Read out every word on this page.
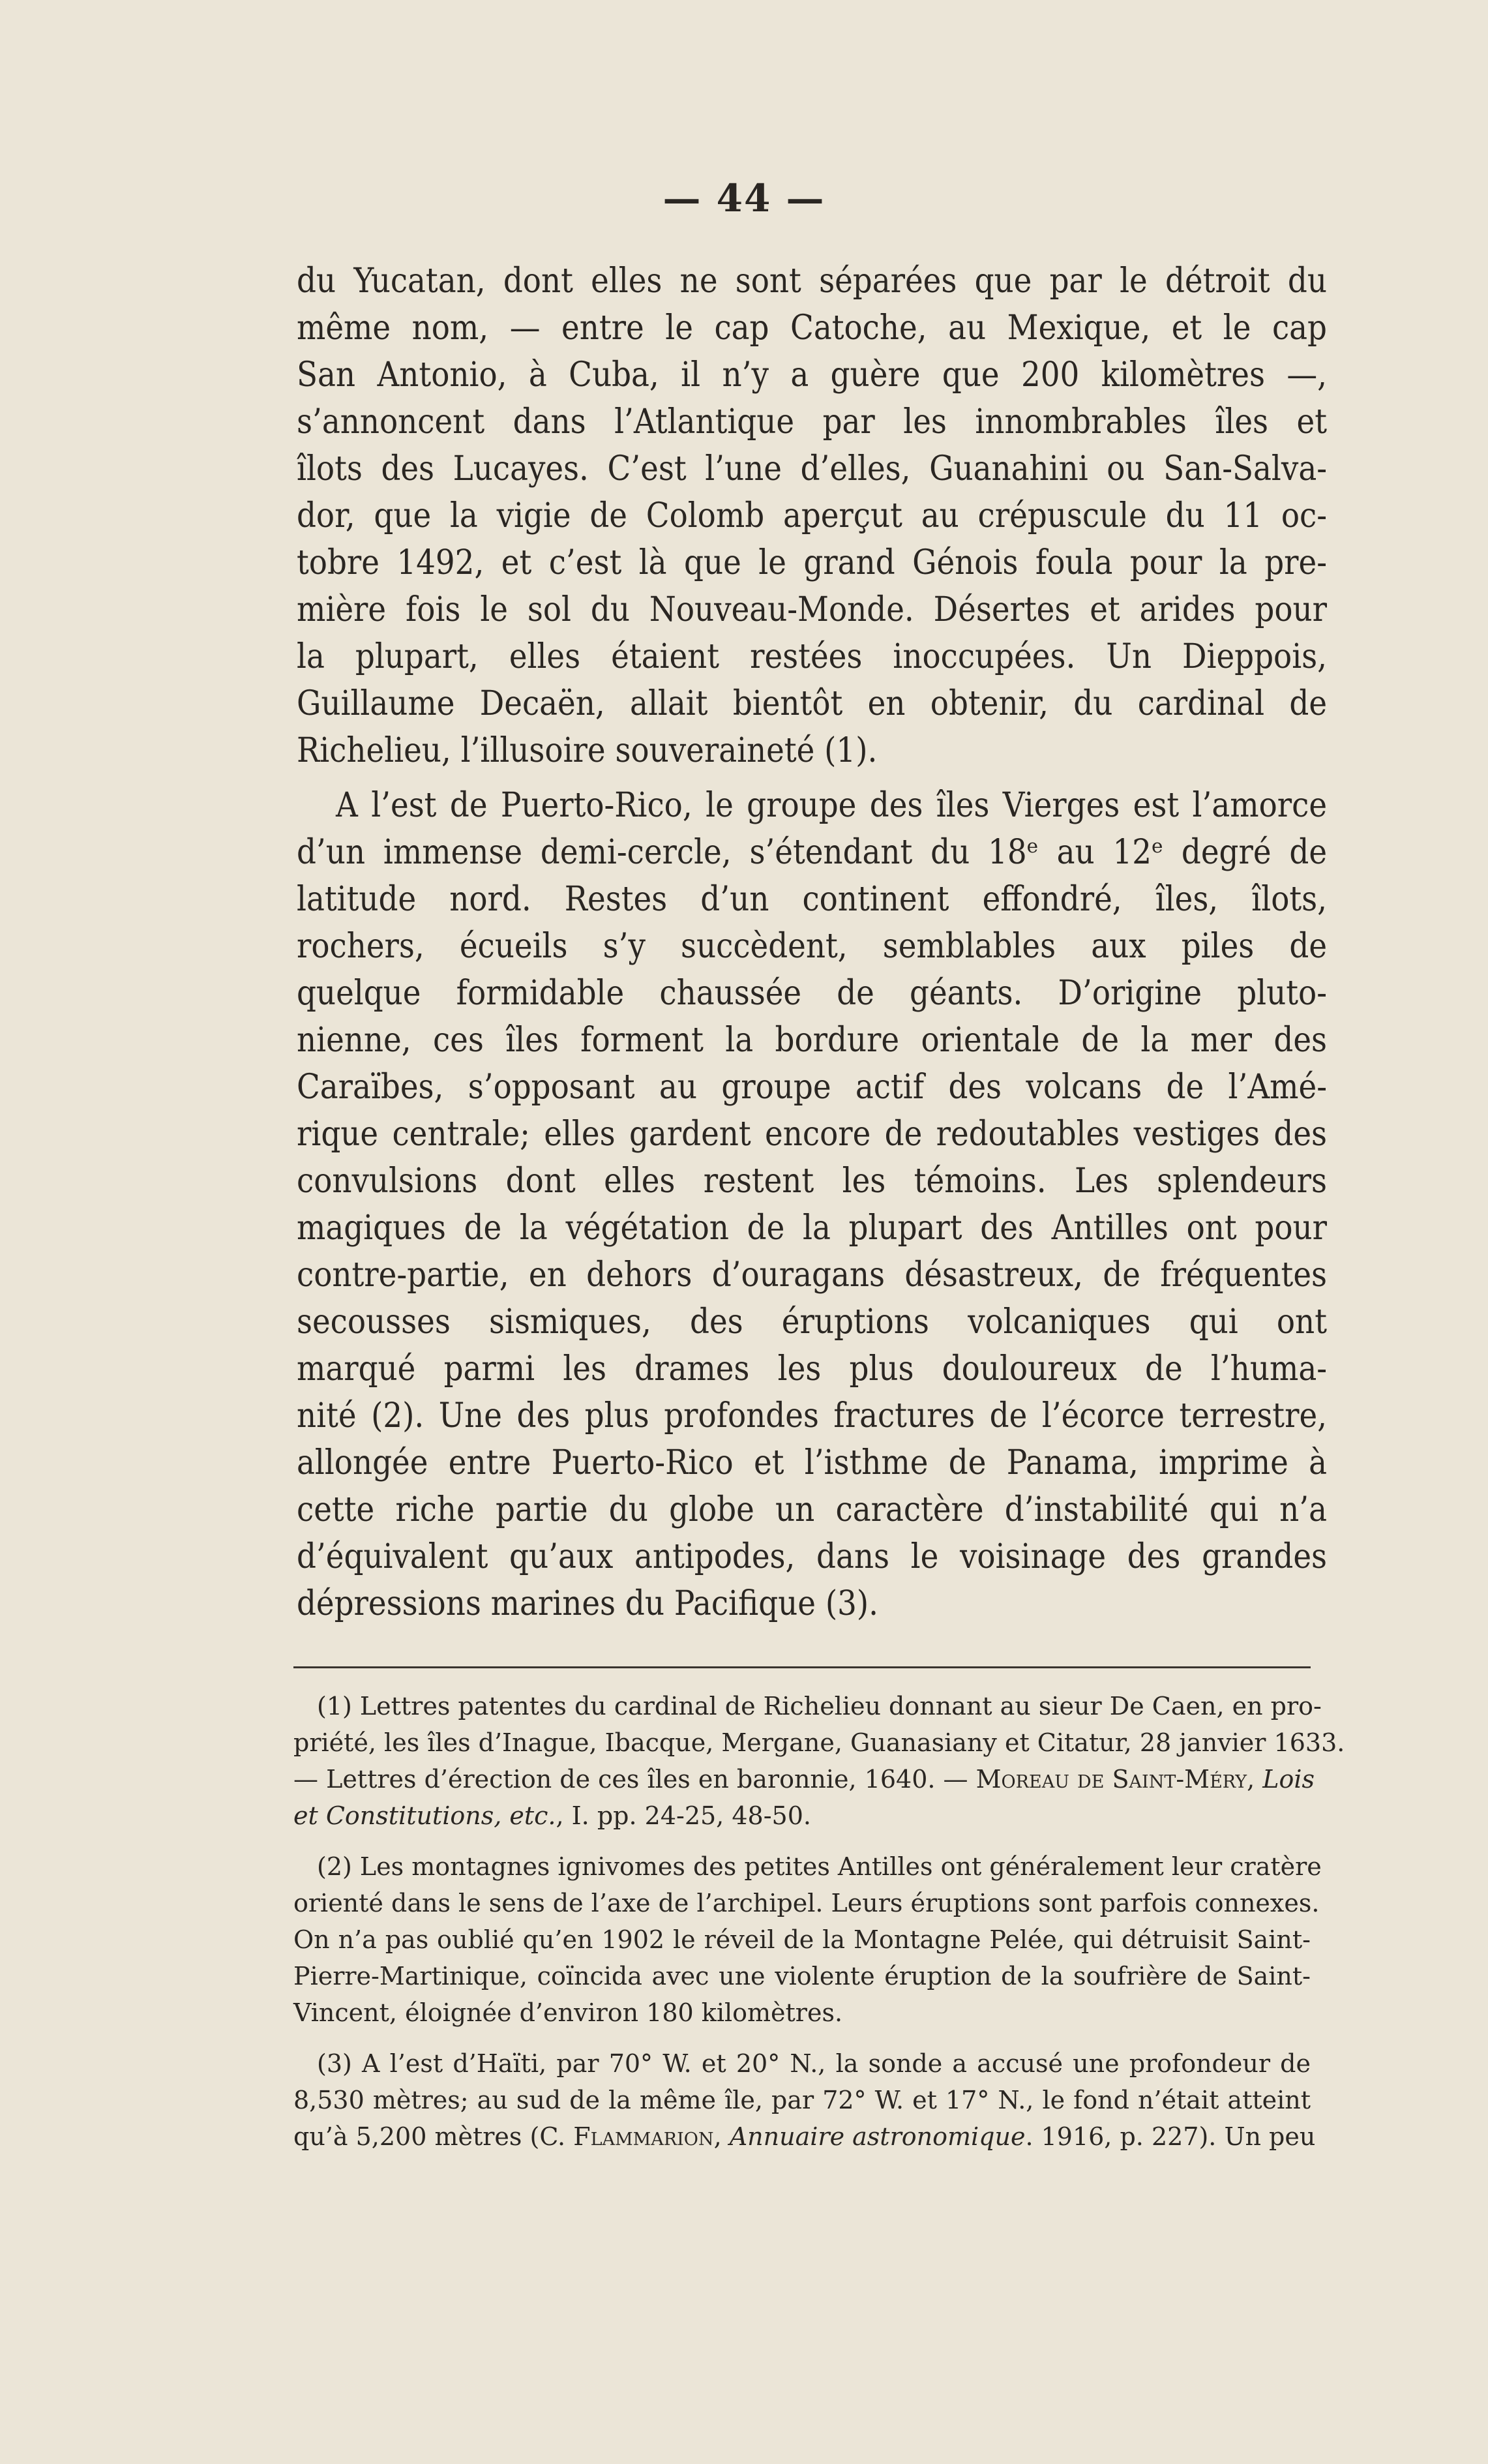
— 44 —
du Yucatan, dont elles ne sont séparées que par le détroit du
même nom, — entre le cap Catoche, au Mexique, et le cap
San Antonio, à Cuba, il n’y a guère que 200 kilomètres —,
s’annoncent dans l’Atlantique par les innombrables îles et
îlots des Lucayes. C’est l’une d’elles, Guanahini ou San-Salva-
dor, que la vigie de Colomb aperçut au crépuscule du 11 oc-
tobre 1492, et c’est là que le grand Génois foula pour la pre-
mière fois le sol du Nouveau-Monde. Désertes et arides pour
la plupart, elles étaient restées inoccupées. Un Dieppois,
Guillaume Decaën, allait bientôt en obtenir, du cardinal de
Richelieu, l’illusoire souveraineté (1).
A l’est de Puerto-Rico, le groupe des îles Vierges est l’amorce
d’un immense demi-cercle, s’étendant du 18ᵉ au 12ᵉ degré de
latitude nord. Restes d’un continent effondré, îles, îlots,
rochers, écueils s’y succèdent, semblables aux piles de
quelque formidable chaussée de géants. D’origine pluto-
nienne, ces îles forment la bordure orientale de la mer des
Caraïbes, s’opposant au groupe actif des volcans de l’Amé-
rique centrale; elles gardent encore de redoutables vestiges des
convulsions dont elles restent les témoins. Les splendeurs
magiques de la végétation de la plupart des Antilles ont pour
contre-partie, en dehors d’ouragans désastreux, de fréquentes
secousses sismiques, des éruptions volcaniques qui ont
marqué parmi les drames les plus douloureux de l’huma-
nité (2). Une des plus profondes fractures de l’écorce terrestre,
allongée entre Puerto-Rico et l’isthme de Panama, imprime à
cette riche partie du globe un caractère d’instabilité qui n’a
d’équivalent qu’aux antipodes, dans le voisinage des grandes
dépressions marines du Pacifique (3).
(1) Lettres patentes du cardinal de Richelieu donnant au sieur De Caen, en pro-
priété, les îles d’Inague, Ibacque, Mergane, Guanasiany et Citatur, 28 janvier 1633.
— Lettres d’érection de ces îles en baronnie, 1640. — Moreau de Saint-Méry, Lois
et Constitutions, etc., I. pp. 24-25, 48-50.
(2) Les montagnes ignivomes des petites Antilles ont généralement leur cratère
orienté dans le sens de l’axe de l’archipel. Leurs éruptions sont parfois connexes.
On n’a pas oublié qu’en 1902 le réveil de la Montagne Pelée, qui détruisit Saint-
Pierre-Martinique, coïncida avec une violente éruption de la soufrière de Saint-
Vincent, éloignée d’environ 180 kilomètres.
(3) A l’est d’Haïti, par 70° W. et 20° N., la sonde a accusé une profondeur de
8,530 mètres; au sud de la même île, par 72° W. et 17° N., le fond n’était atteint
qu’à 5,200 mètres (C. Flammarion, Annuaire astronomique. 1916, p. 227). Un peu
